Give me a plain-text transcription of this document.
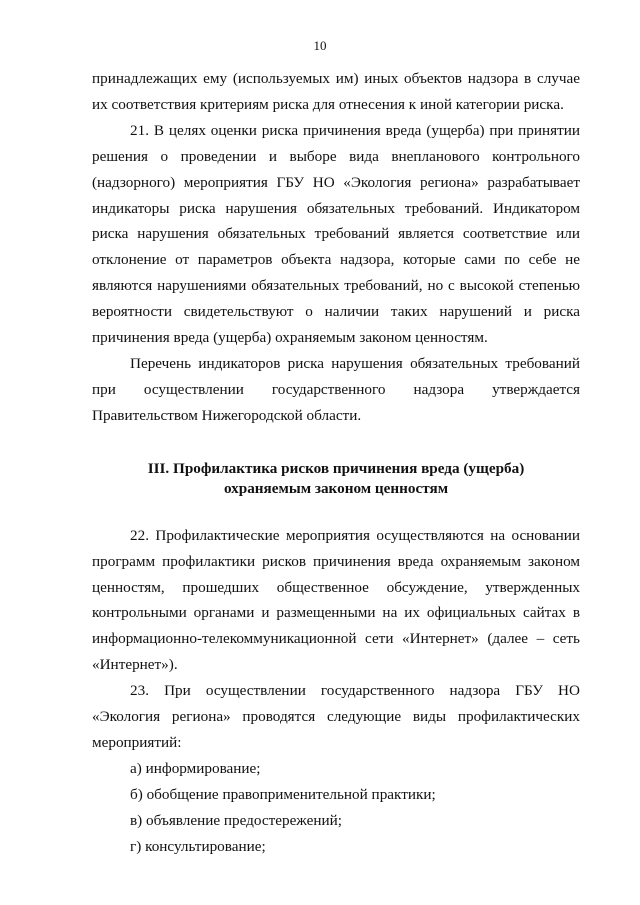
10

принадлежащих ему (используемых им) иных объектов надзора в случае их соответствия критериям риска для отнесения к иной категории риска.

21. В целях оценки риска причинения вреда (ущерба) при принятии решения о проведении и выборе вида внепланового контрольного (надзорного) мероприятия ГБУ НО «Экология региона» разрабатывает индикаторы риска нарушения обязательных требований. Индикатором риска нарушения обязательных требований является соответствие или отклонение от параметров объекта надзора, которые сами по себе не являются нарушениями обязательных требований, но с высокой степенью вероятности свидетельствуют о наличии таких нарушений и риска причинения вреда (ущерба) охраняемым законом ценностям.

Перечень индикаторов риска нарушения обязательных требований при осуществлении государственного надзора утверждается Правительством Нижегородской области.

III. Профилактика рисков причинения вреда (ущерба)

охраняемым законом ценностям

22. Профилактические мероприятия осуществляются на основании программ профилактики рисков причинения вреда охраняемым законом ценностям, прошедших общественное обсуждение, утвержденных контрольными органами и размещенными на их официальных сайтах в информационно-телекоммуникационной сети «Интернет» (далее – сеть «Интернет»).

23. При осуществлении государственного надзора ГБУ НО «Экология региона» проводятся следующие виды профилактических мероприятий:

а) информирование;

б) обобщение правоприменительной практики;

в) объявление предостережений;

г) консультирование;
